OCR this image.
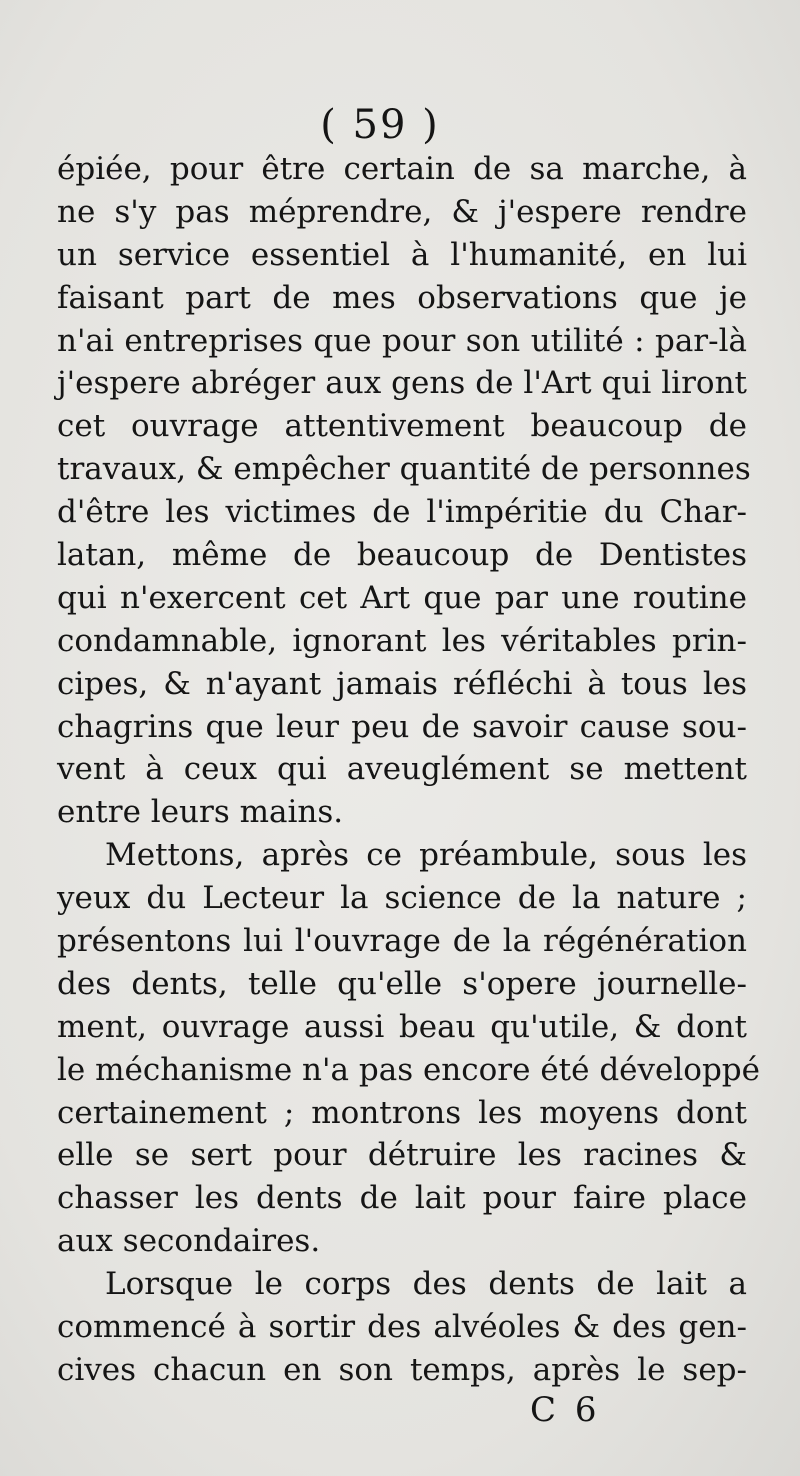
( 59 )
épiée, pour être certain de sa marche, à
ne s'y pas méprendre, & j'espere rendre
un service essentiel à l'humanité, en lui
faisant part de mes observations que je
n'ai entreprises que pour son utilité : par-là
j'espere abréger aux gens de l'Art qui liront
cet ouvrage attentivement beaucoup de
travaux, & empêcher quantité de personnes
d'être les victimes de l'impéritie du Char-
latan, même de beaucoup de Dentistes
qui n'exercent cet Art que par une routine
condamnable, ignorant les véritables prin-
cipes, & n'ayant jamais réfléchi à tous les
chagrins que leur peu de savoir cause sou-
vent à ceux qui aveuglément se mettent
entre leurs mains.
Mettons, après ce préambule, sous les
yeux du Lecteur la science de la nature ;
présentons lui l'ouvrage de la régénération
des dents, telle qu'elle s'opere journelle-
ment, ouvrage aussi beau qu'utile, & dont
le méchanisme n'a pas encore été développé
certainement ; montrons les moyens dont
elle se sert pour détruire les racines &
chasser les dents de lait pour faire place
aux secondaires.
Lorsque le corps des dents de lait a
commencé à sortir des alvéoles & des gen-
cives chacun en son temps, après le sep-
C 6
